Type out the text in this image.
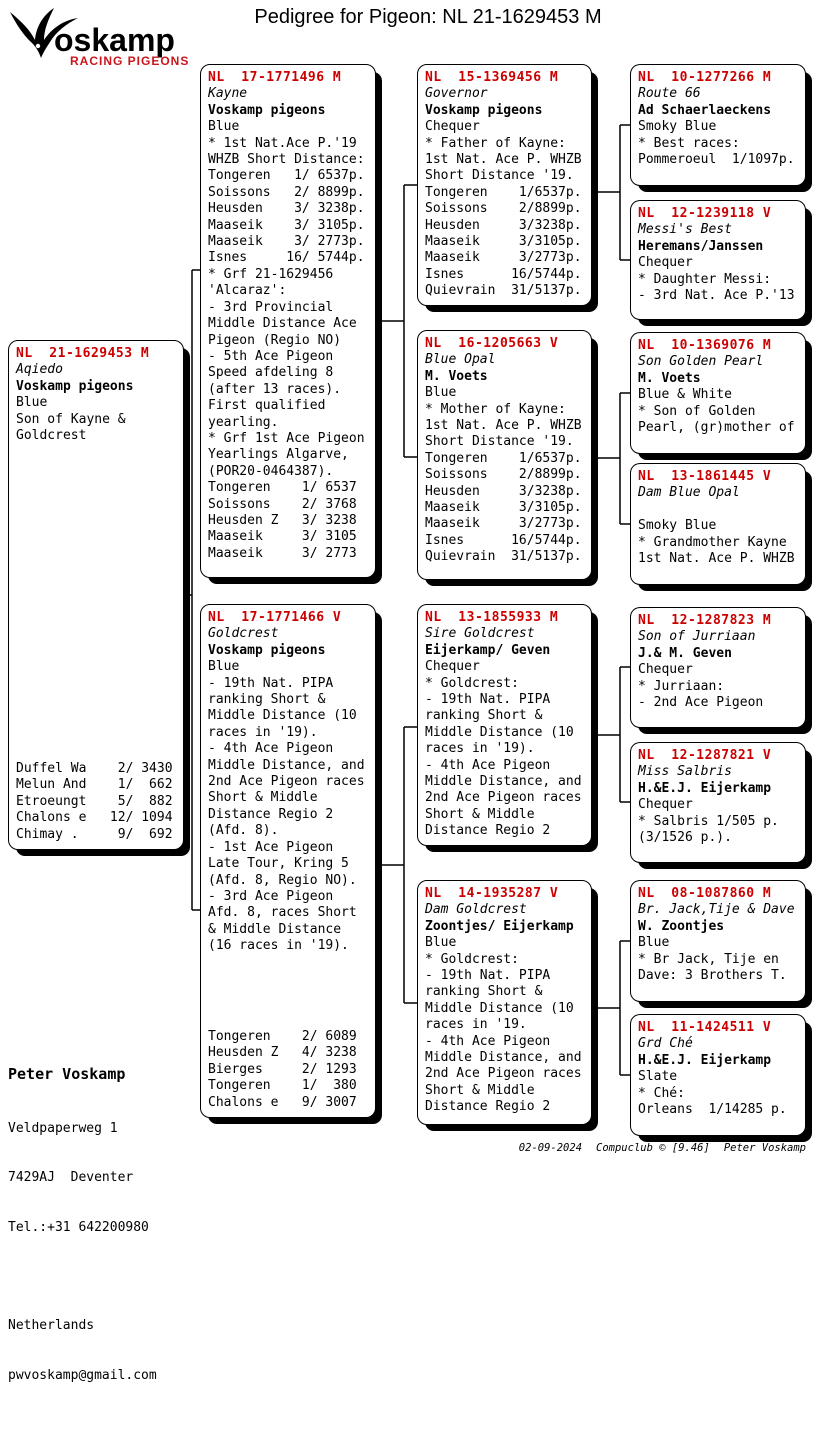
Pedigree for Pigeon: NL 21-1629453 M
oskamp
RACING PIGEONS
NL  21-1629453 M
Aqiedo
Voskamp pigeons
Blue
Son of Kayne &
Goldcrest
Duffel Wa    2/ 3430
Melun And    1/  662
Etroeungt    5/  882
Chalons e   12/ 1094
Chimay .     9/  692
NL  17-1771496 M
Kayne
Voskamp pigeons
Blue
* 1st Nat.Ace P.'19
WHZB Short Distance:
Tongeren   1/ 6537p.
Soissons   2/ 8899p.
Heusden    3/ 3238p.
Maaseik    3/ 3105p.
Maaseik    3/ 2773p.
Isnes     16/ 5744p.
* Grf 21-1629456
'Alcaraz':
- 3rd Provincial
Middle Distance Ace
Pigeon (Regio NO)
- 5th Ace Pigeon
Speed afdeling 8
(after 13 races).
First qualified
yearling.
* Grf 1st Ace Pigeon
Yearlings Algarve,
(POR20-0464387).
Tongeren    1/ 6537
Soissons    2/ 3768
Heusden Z   3/ 3238
Maaseik     3/ 3105
Maaseik     3/ 2773
NL  17-1771466 V
Goldcrest
Voskamp pigeons
Blue
- 19th Nat. PIPA
ranking Short &
Middle Distance (10
races in '19).
- 4th Ace Pigeon
Middle Distance, and
2nd Ace Pigeon races
Short & Middle
Distance Regio 2
(Afd. 8).
- 1st Ace Pigeon
Late Tour, Kring 5
(Afd. 8, Regio NO).
- 3rd Ace Pigeon
Afd. 8, races Short
& Middle Distance
(16 races in '19).
Tongeren    2/ 6089
Heusden Z   4/ 3238
Bierges     2/ 1293
Tongeren    1/  380
Chalons e   9/ 3007
NL  15-1369456 M
Governor
Voskamp pigeons
Chequer
* Father of Kayne:
1st Nat. Ace P. WHZB
Short Distance '19.
Tongeren    1/6537p.
Soissons    2/8899p.
Heusden     3/3238p.
Maaseik     3/3105p.
Maaseik     3/2773p.
Isnes      16/5744p.
Quievrain  31/5137p.
NL  16-1205663 V
Blue Opal
M. Voets
Blue
* Mother of Kayne:
1st Nat. Ace P. WHZB
Short Distance '19.
Tongeren    1/6537p.
Soissons    2/8899p.
Heusden     3/3238p.
Maaseik     3/3105p.
Maaseik     3/2773p.
Isnes      16/5744p.
Quievrain  31/5137p.
NL  13-1855933 M
Sire Goldcrest
Eijerkamp/ Geven
Chequer
* Goldcrest:
- 19th Nat. PIPA
ranking Short &
Middle Distance (10
races in '19).
- 4th Ace Pigeon
Middle Distance, and
2nd Ace Pigeon races
Short & Middle
Distance Regio 2
NL  14-1935287 V
Dam Goldcrest
Zoontjes/ Eijerkamp
Blue
* Goldcrest:
- 19th Nat. PIPA
ranking Short &
Middle Distance (10
races in '19.
- 4th Ace Pigeon
Middle Distance, and
2nd Ace Pigeon races
Short & Middle
Distance Regio 2
NL  10-1277266 M
Route 66
Ad Schaerlaeckens
Smoky Blue
* Best races:
Pommeroeul  1/1097p.
NL  12-1239118 V
Messi's Best
Heremans/Janssen
Chequer
* Daughter Messi:
- 3rd Nat. Ace P.'13
NL  10-1369076 M
Son Golden Pearl
M. Voets
Blue & White
* Son of Golden
Pearl, (gr)mother of
NL  13-1861445 V
Dam Blue Opal
Smoky Blue
* Grandmother Kayne
1st Nat. Ace P. WHZB
NL  12-1287823 M
Son of Jurriaan
J.& M. Geven
Chequer
* Jurriaan:
- 2nd Ace Pigeon
NL  12-1287821 V
Miss Salbris
H.&E.J. Eijerkamp
Chequer
* Salbris 1/505 p.
(3/1526 p.).
NL  08-1087860 M
Br. Jack,Tije & Dave
W. Zoontjes
Blue
* Br Jack, Tije en
Dave: 3 Brothers T.
NL  11-1424511 V
Grd Ché
H.&E.J. Eijerkamp
Slate
* Ché:
Orleans  1/14285 p.

Peter Voskamp

Veldpaperweg 1

7429AJ  Deventer

Tel.:+31 642200980

Netherlands

pwvoskamp@gmail.com

02-09-2024 Compuclub © [9.46] Peter Voskamp
